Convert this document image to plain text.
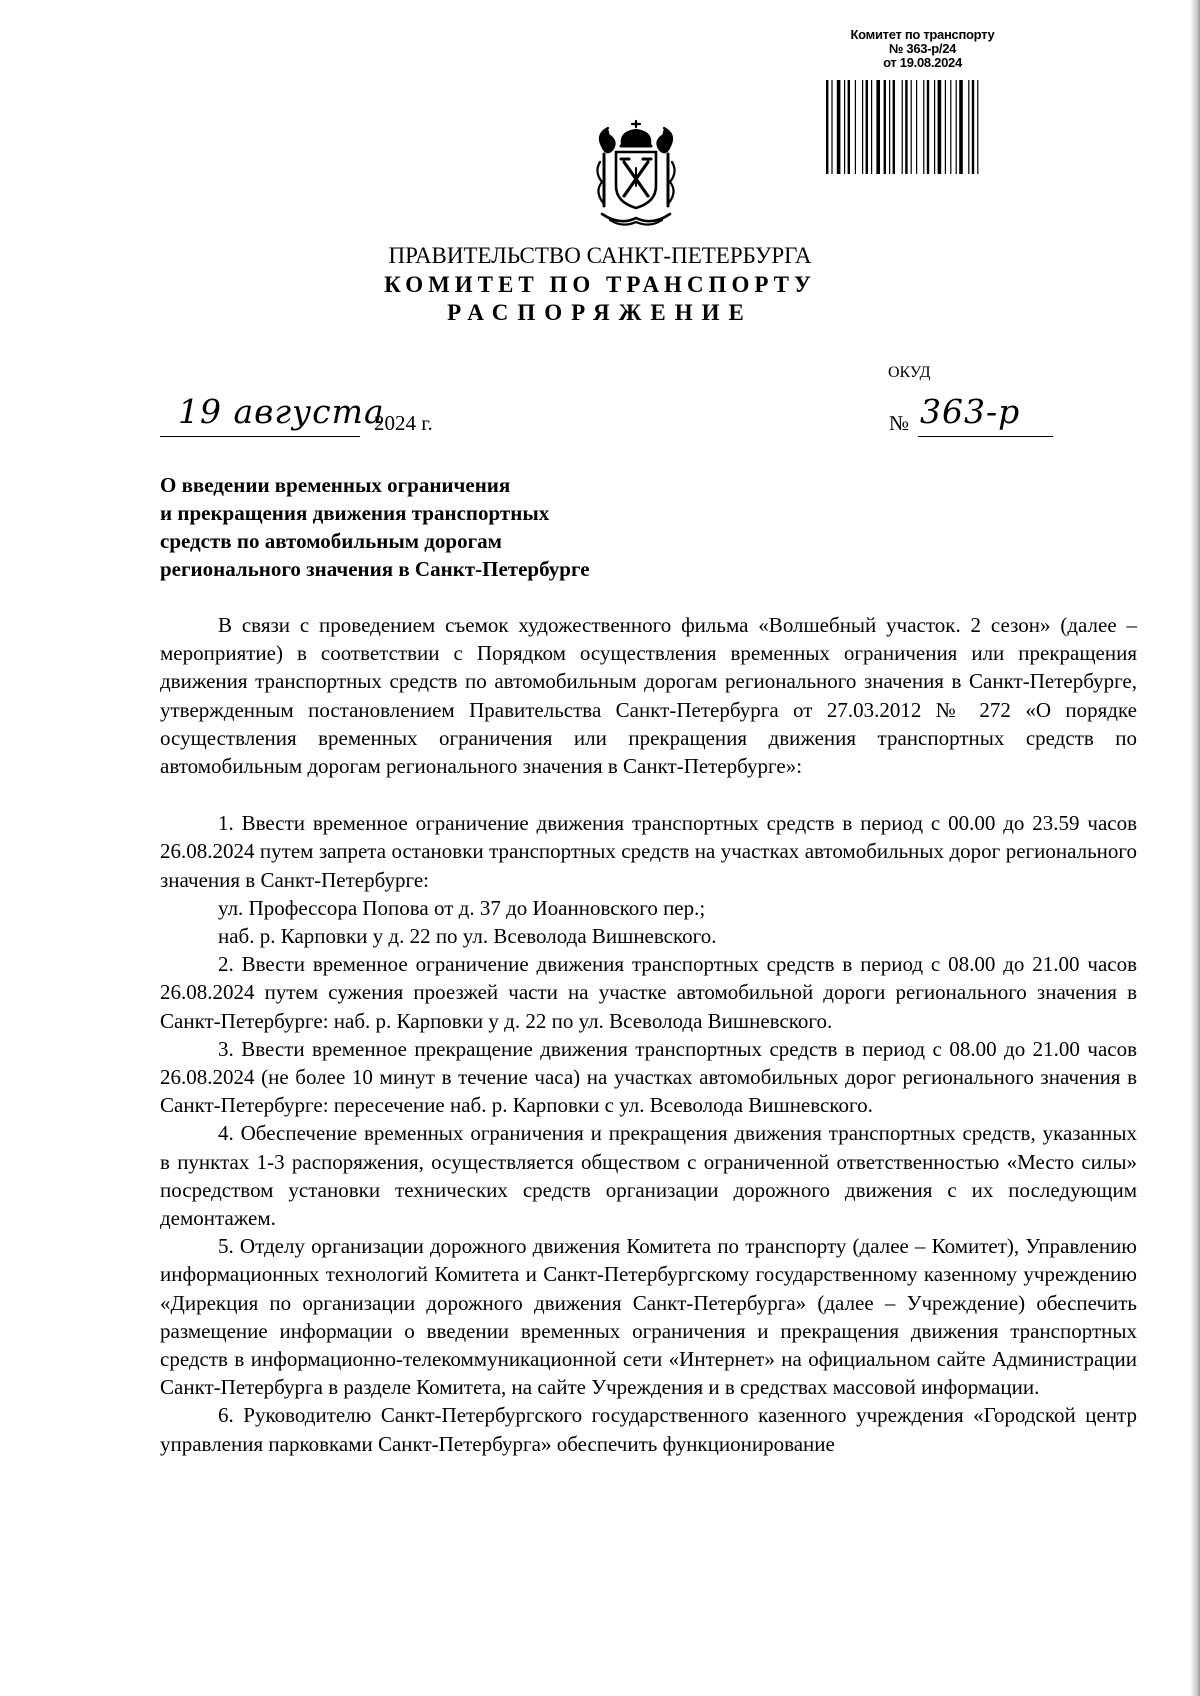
Комитет по транспорту
№ 363-р/24
от 19.08.2024
ПРАВИТЕЛЬСТВО САНКТ-ПЕТЕРБУРГА
КОМИТЕТ ПО ТРАНСПОРТУ
РАСПОРЯЖЕНИЕ
ОКУД
19 августа
2024 г.	№ 363-р
О введении временных ограничения
и прекращения движения транспортных
средств по автомобильным дорогам
регионального значения в Санкт-Петербурге

В связи с проведением съемок художественного фильма «Волшебный участок. 2 сезон» (далее – мероприятие) в соответствии с Порядком осуществления временных ограничения или прекращения движения транспортных средств по автомобильным дорогам регионального значения в Санкт-Петербурге, утвержденным постановлением Правительства Санкт-Петербурга от 27.03.2012 № 272 «О порядке осуществления временных ограничения или прекращения движения транспортных средств по автомобильным дорогам регионального значения в Санкт-Петербурге»:

1. Ввести временное ограничение движения транспортных средств в период с 00.00 до 23.59 часов 26.08.2024 путем запрета остановки транспортных средств на участках автомобильных дорог регионального значения в Санкт-Петербурге:

ул. Профессора Попова от д. 37 до Иоанновского пер.;

наб. р. Карповки у д. 22 по ул. Всеволода Вишневского.

2. Ввести временное ограничение движения транспортных средств в период с 08.00 до 21.00 часов 26.08.2024 путем сужения проезжей части на участке автомобильной дороги регионального значения в Санкт-Петербурге: наб. р. Карповки у д. 22 по ул. Всеволода Вишневского.

3. Ввести временное прекращение движения транспортных средств в период с 08.00 до 21.00 часов 26.08.2024 (не более 10 минут в течение часа) на участках автомобильных дорог регионального значения в Санкт-Петербурге: пересечение наб. р. Карповки с ул. Всеволода Вишневского.

4. Обеспечение временных ограничения и прекращения движения транспортных средств, указанных в пунктах 1-3 распоряжения, осуществляется обществом с ограниченной ответственностью «Место силы» посредством установки технических средств организации дорожного движения с их последующим демонтажем.

5. Отделу организации дорожного движения Комитета по транспорту (далее – Комитет), Управлению информационных технологий Комитета и Санкт-Петербургскому государственному казенному учреждению «Дирекция по организации дорожного движения Санкт-Петербурга» (далее – Учреждение) обеспечить размещение информации о введении временных ограничения и прекращения движения транспортных средств в информационно-телекоммуникационной сети «Интернет» на официальном сайте Администрации Санкт-Петербурга в разделе Комитета, на сайте Учреждения и в средствах массовой информации.

6. Руководителю Санкт-Петербургского государственного казенного учреждения «Городской центр управления парковками Санкт-Петербурга» обеспечить функционирование
